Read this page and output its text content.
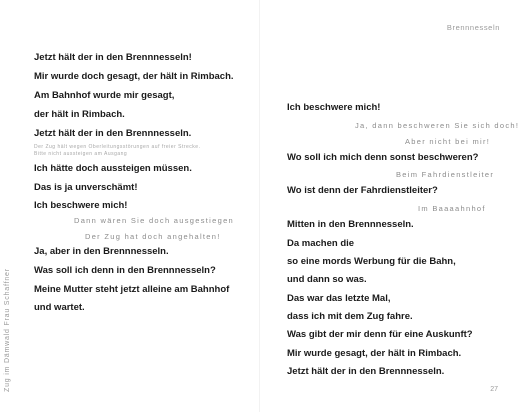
Brennnesseln
27
Zug im Dämwald Frau Schaffner
Jetzt hält der in den Brennnesseln!
Mir wurde doch gesagt, der hält in Rimbach.
Am Bahnhof wurde mir gesagt,
der hält in Rimbach.
Jetzt hält der in den Brennnesseln.
Der Zug hält wegen Oberleitungsstörungen auf freier Strecke.
Bitte nicht aussteigen am Ausgang
Ich hätte doch aussteigen müssen.
Das is ja unverschämt!
Ich beschwere mich!
Dann wären Sie doch ausgestiegen
Der Zug hat doch angehalten!
Ja, aber in den Brennnesseln.
Was soll ich denn in den Brennnesseln?
Meine Mutter steht jetzt alleine am Bahnhof
und wartet.
Ich beschwere mich!
Ja, dann beschweren Sie sich doch!
Aber nicht bei mir!
Wo soll ich mich denn sonst beschweren?
Beim Fahrdienstleiter
Wo ist denn der Fahrdienstleiter?
Im Baaaahnhof
Mitten in den Brennnesseln.
Da machen die
so eine mords Werbung für die Bahn,
und dann so was.
Das war das letzte Mal,
dass ich mit dem Zug fahre.
Was gibt der mir denn für eine Auskunft?
Mir wurde gesagt, der hält in Rimbach.
Jetzt hält der in den Brennnesseln.
